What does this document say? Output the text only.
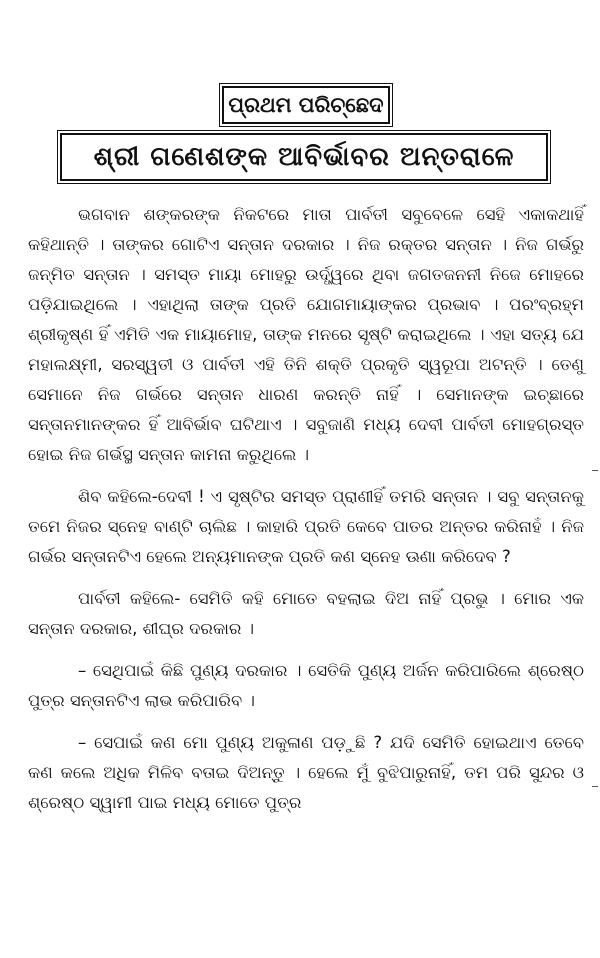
ପ୍ରଥମ ପରିଚ୍ଛେଦ
ଶ୍ରୀ ଗଣେଶଙ୍କ ଆବିର୍ଭାବର ଅନ୍ତରାଳେ

ଭଗବାନ ଶଙ୍କରଙ୍କ ନିକଟରେ ମାତା ପାର୍ବତୀ ସବୁବେଳେ ସେହି ଏକାକଥାହିଁ କହିଥାନ୍ତି । ତାଙ୍କର ଗୋଟିଏ ସନ୍ତାନ ଦରକାର । ନିଜ ରକ୍ତର ସନ୍ତାନ । ନିଜ ଗର୍ଭରୁ ଜନ୍ମିତ ସନ୍ତାନ । ସମସ୍ତ ମାୟା ମୋହରୁ ଉର୍ଦ୍ଧ୍ୱରେ ଥିବା ଜଗତଜନନୀ ନିଜେ ମୋହରେ ପଡ଼ିଯାଇଥିଲେ । ଏହାଥିଲା ତାଙ୍କ ପ୍ରତି ଯୋଗମାୟାଙ୍କର ପ୍ରଭାବ । ପରଂବ୍ରହ୍ମ ଶ୍ରୀକୃଷ୍ଣ ହିଁ ଏମିତି ଏକ ମାୟାମୋହ, ତାଙ୍କ ମନରେ ସୃଷ୍ଟି କରାଇଥିଲେ । ଏହା ସତ୍ୟ ଯେ ମହାଲକ୍ଷ୍ମୀ, ସରସ୍ୱତୀ ଓ ପାର୍ବତୀ ଏହି ତିନି ଶକ୍ତି ପ୍ରକୃତି ସ୍ୱରୂପା ଅଟନ୍ତି । ତେଣୁ ସେମାନେ ନିଜ ଗର୍ଭରେ ସନ୍ତାନ ଧାରଣ କରନ୍ତି ନାହିଁ । ସେମାନଙ୍କ ଇଚ୍ଛାରେ ସନ୍ତାନମାନଙ୍କର ହିଁ ଆବିର୍ଭାବ ଘଟିଥାଏ । ସବୁଜାଣି ମଧ୍ୟ ଦେବୀ ପାର୍ବତୀ ମୋହଗ୍ରସ୍ତ ହୋଇ ନିଜ ଗର୍ଭସ୍ଥ ସନ୍ତାନ କାମନା କରୁଥିଲେ ।

ଶିବ କହିଲେ-ଦେବୀ ! ଏ ସୃଷ୍ଟିର ସମସ୍ତ ପ୍ରାଣୀହିଁ ତମରି ସନ୍ତାନ । ସବୁ ସନ୍ତାନକୁ ତମେ ନିଜର ସ୍ନେହ ବାଣ୍ଟି ଚାଲିଛ । କାହାରି ପ୍ରତି କେବେ ପାତର ଅନ୍ତର କରିନାହଁ । ନିଜ ଗର୍ଭର ସନ୍ତାନଟିଏ ହେଲେ ଅନ୍ୟମାନଙ୍କ ପ୍ରତି କଣ ସ୍ନେହ ଊଣା କରିଦେବ ?

ପାର୍ବତୀ କହିଲେ- ସେମିତି କହି ମୋତେ ବହଲାଇ ଦିଅ ନାହିଁ ପ୍ରଭୁ । ମୋର ଏକ ସନ୍ତାନ ଦରକାର, ଶୀଘ୍ର ଦରକାର ।

– ସେଥିପାଇଁ କିଛି ପୁଣ୍ୟ ଦରକାର । ସେତିକି ପୁଣ୍ୟ ଅର୍ଜନ କରିପାରିଲେ ଶ୍ରେଷ୍ଠ ପୁତ୍ର ସନ୍ତାନଟିଏ ଲାଭ କରିପାରିବ ।

– ସେପାଇଁ କଣ ମୋ ପୁଣ୍ୟ ଅକୁଳାଣ ପଡ଼ୁଛି ? ଯଦି ସେମିତି ହୋଇଥାଏ ତେବେ କଣ କଲେ ଅଧିକ ମିଳିବ ବତାଇ ଦିଅନ୍ତୁ । ହେଲେ ମୁଁ ବୁଝିପାରୁନାହିଁ, ତମ ପରି ସୁନ୍ଦର ଓ ଶ୍ରେଷ୍ଠ ସ୍ୱାମୀ ପାଇ ମଧ୍ୟ ମୋତେ ପୁତ୍ର
